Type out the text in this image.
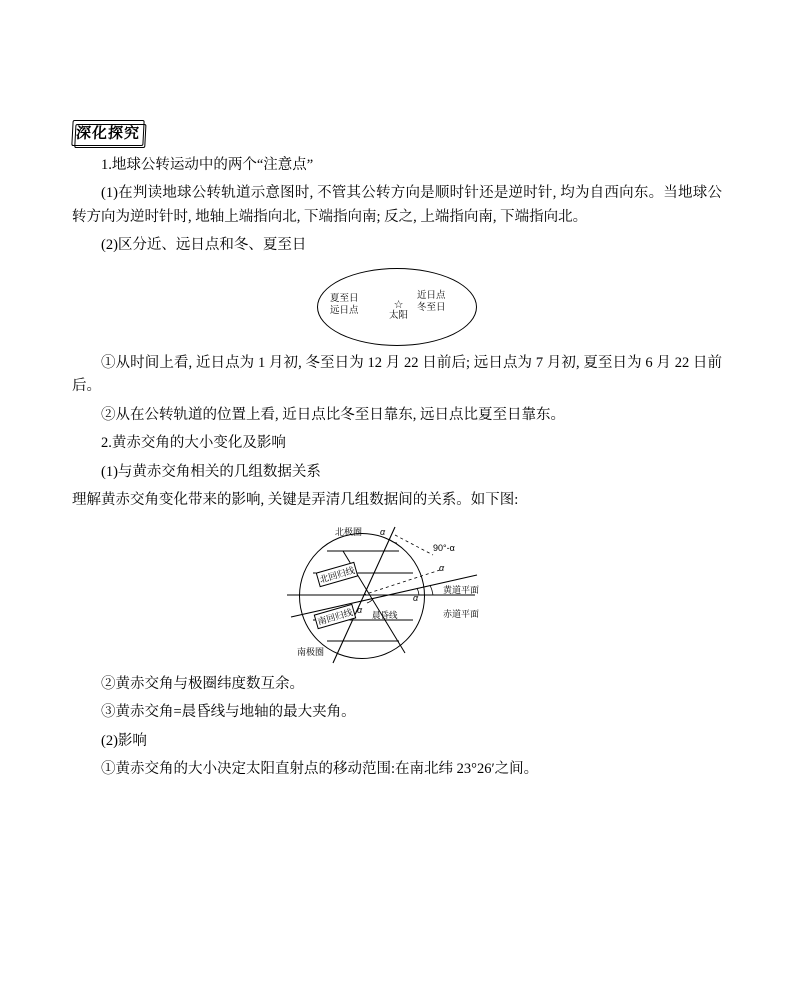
深化探究

1.地球公转运动中的两个“注意点”

(1)在判读地球公转轨道示意图时, 不管其公转方向是顺时针还是逆时针, 均为自西向东。当地球公转方向为逆时针时, 地轴上端指向北, 下端指向南; 反之, 上端指向南, 下端指向北。

(2)区分近、远日点和冬、夏至日

夏至日
远日点
近日点
冬至日
☆
太阳

①从时间上看, 近日点为 1 月初, 冬至日为 12 月 22 日前后; 远日点为 7 月初, 夏至日为 6 月 22 日前后。

②从在公转轨道的位置上看, 近日点比冬至日靠东, 远日点比夏至日靠东。

2.黄赤交角的大小变化及影响

(1)与黄赤交角相关的几组数据关系

理解黄赤交角变化带来的影响, 关键是弄清几组数据间的关系。如下图:

北极圈
北回归线
南回归线
南极圈
黄道平面
赤道平面
晨昏线
α
α
α
α
90°-α

②黄赤交角与极圈纬度数互余。

③黄赤交角=晨昏线与地轴的最大夹角。

(2)影响

①黄赤交角的大小决定太阳直射点的移动范围:在南北纬 23°26′之间。
